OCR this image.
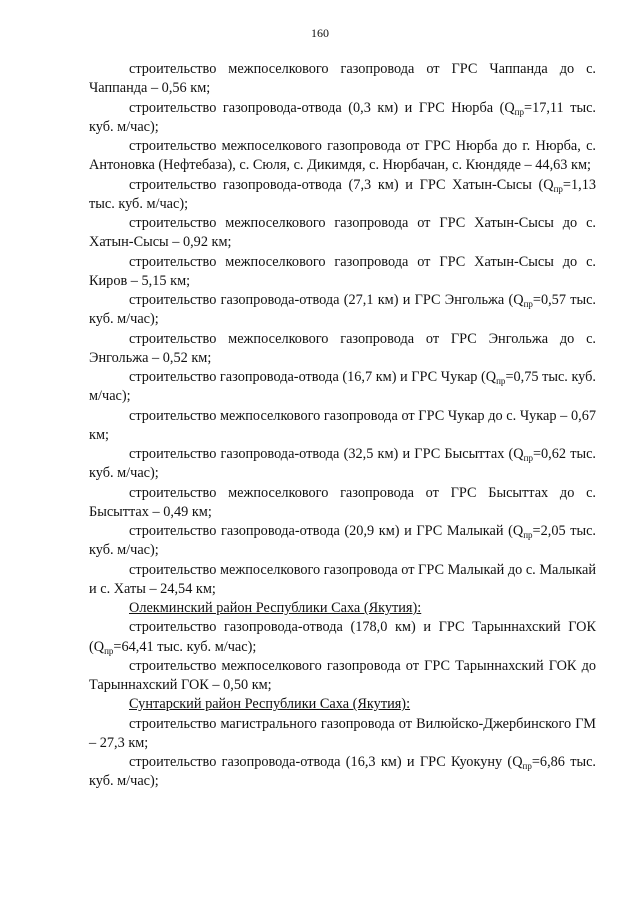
160

строительство межпоселкового газопровода от ГРС Чаппанда до с. Чаппанда – 0,56 км;

строительство газопровода-отвода (0,3 км) и ГРС Нюрба ($Q_{пр}=17,11$ тыс. куб. м/час);

строительство межпоселкового газопровода от ГРС Нюрба до г. Нюрба, с. Антоновка (Нефтебаза), с. Сюля, с. Дикимдя, с. Нюрбачан, с. Кюндяде – 44,63 км;

строительство газопровода-отвода (7,3 км) и ГРС Хатын-Сысы ($Q_{пр}=1,13$ тыс. куб. м/час);

строительство межпоселкового газопровода от ГРС Хатын-Сысы до с. Хатын-Сысы – 0,92 км;

строительство межпоселкового газопровода от ГРС Хатын-Сысы до с. Киров – 5,15 км;

строительство газопровода-отвода (27,1 км) и ГРС Энгольжа ($Q_{пр}=0,57$ тыс. куб. м/час);

строительство межпоселкового газопровода от ГРС Энгольжа до с. Энгольжа – 0,52 км;

строительство газопровода-отвода (16,7 км) и ГРС Чукар ($Q_{пр}=0,75$ тыс. куб. м/час);

строительство межпоселкового газопровода от ГРС Чукар до с. Чукар – 0,67 км;

строительство газопровода-отвода (32,5 км) и ГРС Бысыттах ($Q_{пр}=0,62$ тыс. куб. м/час);

строительство межпоселкового газопровода от ГРС Бысыттах до с. Бысыттах – 0,49 км;

строительство газопровода-отвода (20,9 км) и ГРС Малыкай ($Q_{пр}=2,05$ тыс. куб. м/час);

строительство межпоселкового газопровода от ГРС Малыкай до с. Малыкай и с. Хаты – 24,54 км;

Олекминский район Республики Саха (Якутия):

строительство газопровода-отвода (178,0 км) и ГРС Тарыннахский ГОК ($Q_{пр}=64,41$ тыс. куб. м/час);

строительство межпоселкового газопровода от ГРС Тарыннахский ГОК до Тарыннахский ГОК – 0,50 км;

Сунтарский район Республики Саха (Якутия):

строительство магистрального газопровода от Вилюйско-Джербинского ГМ – 27,3 км;

строительство газопровода-отвода (16,3 км) и ГРС Куокуну ($Q_{пр}=6,86$ тыс. куб. м/час);
